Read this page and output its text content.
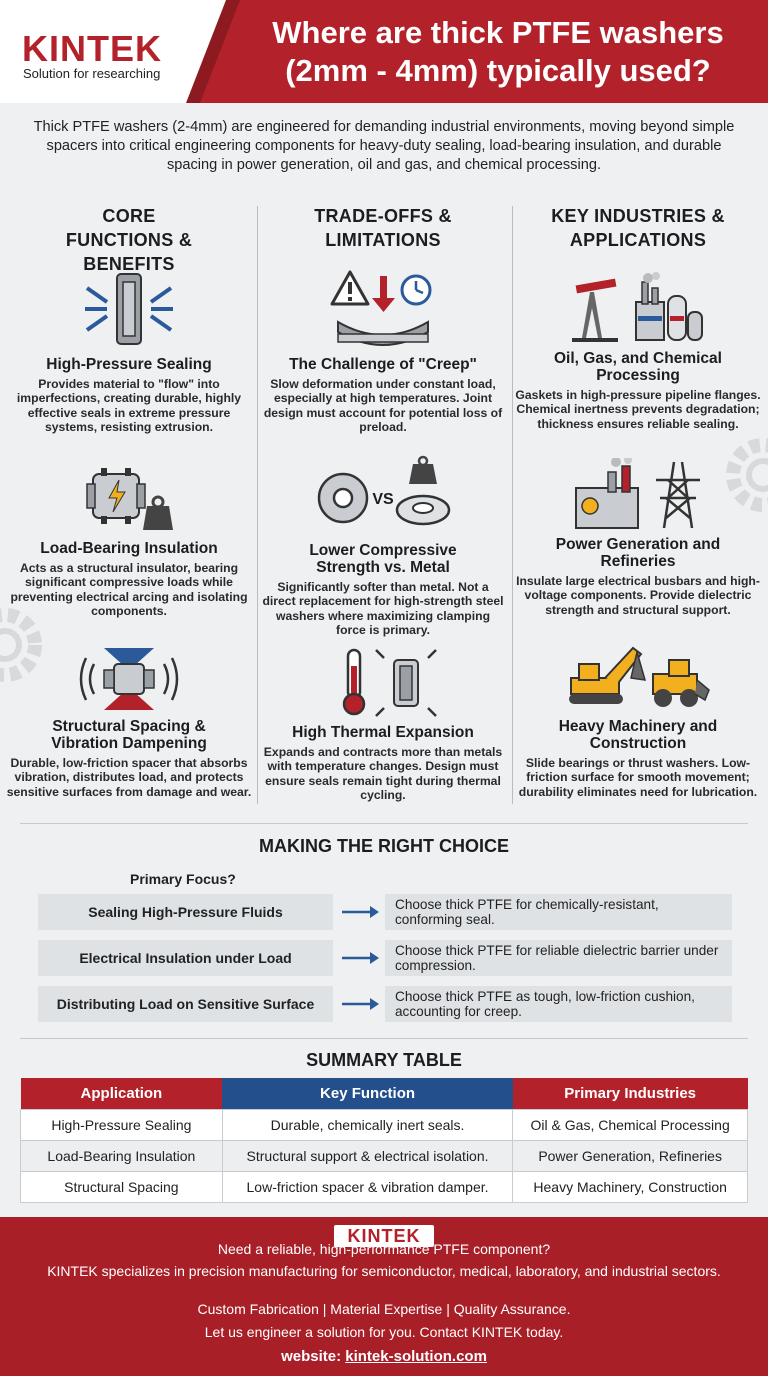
KINTEK
Solution for researching
Where are thick PTFE washers (2mm - 4mm) typically used?
Thick PTFE washers (2-4mm) are engineered for demanding industrial environments, moving beyond simple spacers into critical engineering components for heavy-duty sealing, load-bearing insulation, and durable spacing in power generation, oil and gas, and chemical processing.
CORE FUNCTIONS & BENEFITS
High-Pressure Sealing
Provides material to "flow" into imperfections, creating durable, highly effective seals in extreme pressure systems, resisting extrusion.
Load-Bearing Insulation
Acts as a structural insulator, bearing significant compressive loads while preventing electrical arcing and isolating components.
Structural Spacing & Vibration Dampening
Durable, low-friction spacer that absorbs vibration, distributes load, and protects sensitive surfaces from damage and wear.
TRADE-OFFS & LIMITATIONS
The Challenge of "Creep"
Slow deformation under constant load, especially at high temperatures. Joint design must account for potential loss of preload.
VS
Lower Compressive Strength vs. Metal
Significantly softer than metal. Not a direct replacement for high-strength steel washers where maximizing clamping force is primary.
High Thermal Expansion
Expands and contracts more than metals with temperature changes. Design must ensure seals remain tight during thermal cycling.
KEY INDUSTRIES & APPLICATIONS
Oil, Gas, and Chemical Processing
Gaskets in high-pressure pipeline flanges. Chemical inertness prevents degradation; thickness ensures reliable sealing.
Power Generation and Refineries
Insulate large electrical busbars and high-voltage components. Provide dielectric strength and structural support.
Heavy Machinery and Construction
Slide bearings or thrust washers. Low-friction surface for smooth movement; durability eliminates need for lubrication.
MAKING THE RIGHT CHOICE
Primary Focus?
Sealing High-Pressure Fluids	Choose thick PTFE for chemically-resistant, conforming seal.
Electrical Insulation under Load	Choose thick PTFE for reliable dielectric barrier under compression.
Distributing Load on Sensitive Surface	Choose thick PTFE as tough, low-friction cushion, accounting for creep.
SUMMARY TABLE
Application	Key Function	Primary Industries
High-Pressure Sealing	Durable, chemically inert seals.	Oil & Gas, Chemical Processing
Load-Bearing Insulation	Structural support & electrical isolation.	Power Generation, Refineries
Structural Spacing	Low-friction spacer & vibration damper.	Heavy Machinery, Construction
KINTEK
Need a reliable, high-performance PTFE component?
KINTEK specializes in precision manufacturing for semiconductor, medical, laboratory, and industrial sectors.
Custom Fabrication | Material Expertise | Quality Assurance.
Let us engineer a solution for you. Contact KINTEK today.
website: kintek-solution.com
